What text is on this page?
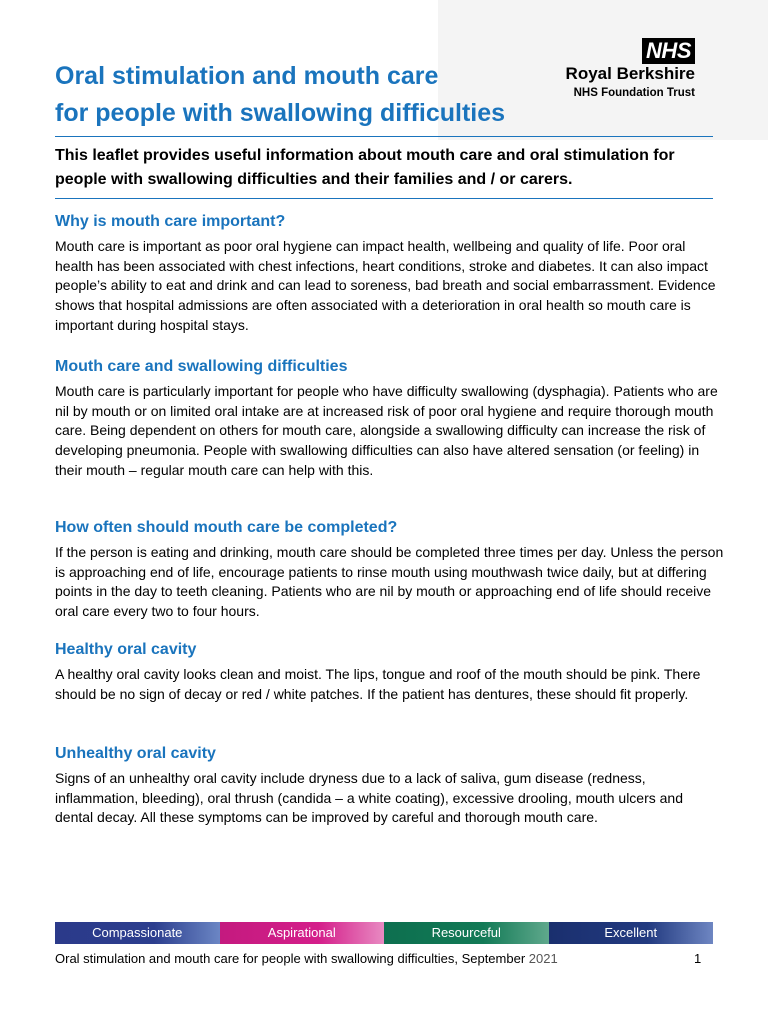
Oral stimulation and mouth care
for people with swallowing difficulties
NHS
Royal Berkshire
NHS Foundation Trust

This leaflet provides useful information about mouth care and oral stimulation for people with swallowing difficulties and their families and / or carers.

Why is mouth care important?

Mouth care is important as poor oral hygiene can impact health, wellbeing and quality of life. Poor oral health has been associated with chest infections, heart conditions, stroke and diabetes. It can also impact people’s ability to eat and drink and can lead to soreness, bad breath and social embarrassment. Evidence shows that hospital admissions are often associated with a deterioration in oral health so mouth care is important during hospital stays.

Mouth care and swallowing difficulties

Mouth care is particularly important for people who have difficulty swallowing (dysphagia). Patients who are nil by mouth or on limited oral intake are at increased risk of poor oral hygiene and require thorough mouth care. Being dependent on others for mouth care, alongside a swallowing difficulty can increase the risk of developing pneumonia. People with swallowing difficulties can also have altered sensation (or feeling) in their mouth – regular mouth care can help with this.

How often should mouth care be completed?

If the person is eating and drinking, mouth care should be completed three times per day. Unless the person is approaching end of life, encourage patients to rinse mouth using mouthwash twice daily, but at differing points in the day to teeth cleaning. Patients who are nil by mouth or approaching end of life should receive oral care every two to four hours.

Healthy oral cavity

A healthy oral cavity looks clean and moist. The lips, tongue and roof of the mouth should be pink. There should be no sign of decay or red / white patches. If the patient has dentures, these should fit properly.

Unhealthy oral cavity

Signs of an unhealthy oral cavity include dryness due to a lack of saliva, gum disease (redness, inflammation, bleeding), oral thrush (candida – a white coating), excessive drooling, mouth ulcers and dental decay. All these symptoms can be improved by careful and thorough mouth care.

Compassionate	Aspirational	Resourceful	Excellent
Oral stimulation and mouth care for people with swallowing difficulties, September 2021	1
